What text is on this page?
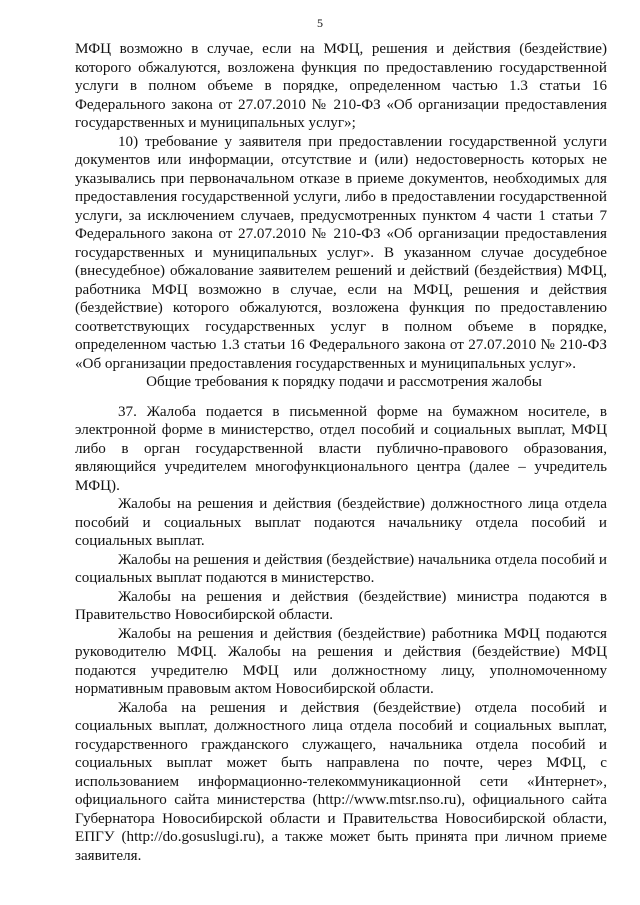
5

МФЦ возможно в случае, если на МФЦ, решения и действия (бездействие) которого обжалуются, возложена функция по предоставлению государственной услуги в полном объеме в порядке, определенном частью 1.3 статьи 16 Федерального закона от 27.07.2010 № 210-ФЗ «Об организации предоставления государственных и муниципальных услуг»;

10) требование у заявителя при предоставлении государственной услуги документов или информации, отсутствие и (или) недостоверность которых не указывались при первоначальном отказе в приеме документов, необходимых для предоставления государственной услуги, либо в предоставлении государственной услуги, за исключением случаев, предусмотренных пунктом 4 части 1 статьи 7 Федерального закона от 27.07.2010 № 210-ФЗ «Об организации предоставления государственных и муниципальных услуг». В указанном случае досудебное (внесудебное) обжалование заявителем решений и действий (бездействия) МФЦ, работника МФЦ возможно в случае, если на МФЦ, решения и действия (бездействие) которого обжалуются, возложена функция по предоставлению соответствующих государственных услуг в полном объеме в порядке, определенном частью 1.3 статьи 16 Федерального закона от 27.07.2010 № 210-ФЗ «Об организации предоставления государственных и муниципальных услуг».

Общие требования к порядку подачи и рассмотрения жалобы

37. Жалоба подается в письменной форме на бумажном носителе, в электронной форме в министерство, отдел пособий и социальных выплат, МФЦ либо в орган государственной власти публично-правового образования, являющийся учредителем многофункционального центра (далее – учредитель МФЦ).

Жалобы на решения и действия (бездействие) должностного лица отдела пособий и социальных выплат подаются начальнику отдела пособий и социальных выплат.

Жалобы на решения и действия (бездействие) начальника отдела пособий и социальных выплат подаются в министерство.

Жалобы на решения и действия (бездействие) министра подаются в Правительство Новосибирской области.

Жалобы на решения и действия (бездействие) работника МФЦ подаются руководителю МФЦ. Жалобы на решения и действия (бездействие) МФЦ подаются учредителю МФЦ или должностному лицу, уполномоченному нормативным правовым актом Новосибирской области.

Жалоба на решения и действия (бездействие) отдела пособий и социальных выплат, должностного лица отдела пособий и социальных выплат, государственного гражданского служащего, начальника отдела пособий и социальных выплат может быть направлена по почте, через МФЦ, с использованием информационно-телекоммуникационной сети «Интернет», официального сайта министерства (http://www.mtsr.nso.ru), официального сайта Губернатора Новосибирской области и Правительства Новосибирской области, ЕПГУ (http://do.gosuslugi.ru), а также может быть принята при личном приеме заявителя.
